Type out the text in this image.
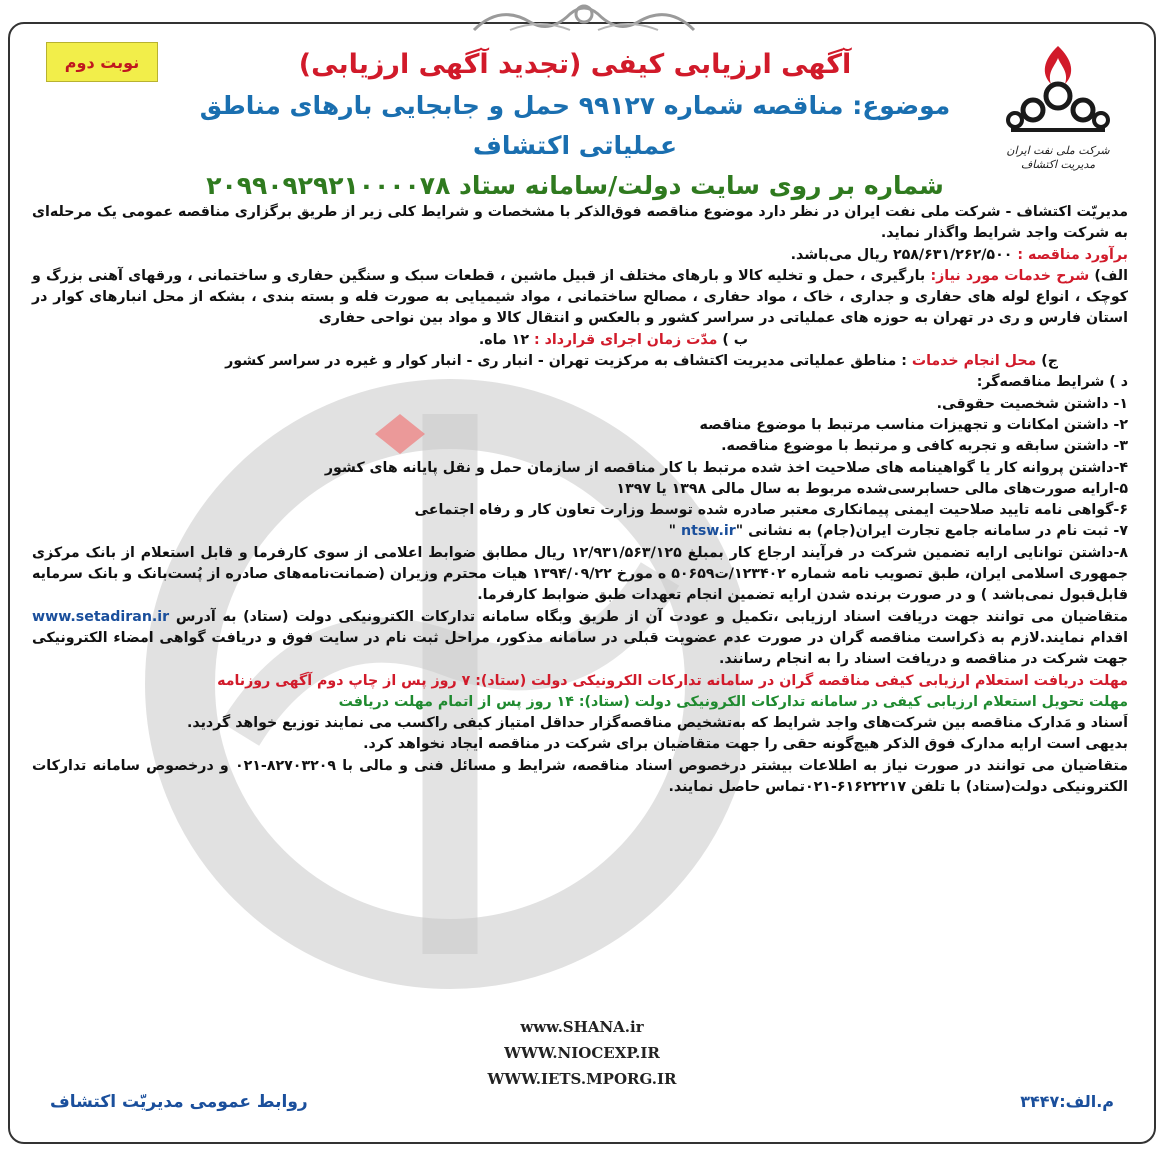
نوبت دوم
شرکت ملی نفت ایران
مدیریت اکتشاف
آگهی ارزیابی کیفی (تجدید آگهی ارزیابی)
موضوع: مناقصه شماره ۹۹۱۲۷ حمل و جابجایی بارهای مناطق عملیاتی اکتشاف
شماره بر روی سایت دولت/سامانه ستاد ۲۰۹۹۰۹۲۹۲۱۰۰۰۰۷۸

مدیریّت اکتشاف - شرکت ملی نفت ایران در نظر دارد موضوع مناقصه فوق‌الذکر با مشخصات و شرایط کلی زیر از طریق برگزاری مناقصه عمومی یک مرحله‌ای به شرکت واجد شرایط واگذار نماید.

برآورد مناقصه : ۲۵۸/۶۳۱/۲۶۲/۵۰۰ ریال می‌باشد.

الف) شرح خدمات مورد نیاز: بارگیری ، حمل و تخلیه کالا و بارهای مختلف از قبیل ماشین ، قطعات سبک و سنگین حفاری و ساختمانی ، ورقهای آهنی بزرگ و کوچک ، انواع لوله های حفاری و جداری ، خاک ، مواد حفاری ، مصالح ساختمانی ، مواد شیمیایی به صورت فله و بسته بندی ، بشکه از محل انبارهای کوار در استان فارس و ری در تهران به حوزه های عملیاتی در سراسر کشور و بالعکس و انتقال کالا و مواد بین نواحی حفاری

ب ) مدّت زمان اجرای قرارداد : ۱۲ ماه.

ج) محل انجام خدمات : مناطق عملیاتی مدیریت اکتشاف به مرکزیت تهران - انبار ری - انبار کوار و غیره در سراسر کشور

د ) شرایط مناقصه‌گر:

۱- داشتن شخصیت حقوقی.

۲- داشتن امکانات و تجهیزات مناسب مرتبط با موضوع مناقصه

۳- داشتن سابقه و تجربه کافی و مرتبط با موضوع مناقصه.

۴-داشتن پروانه کار یا گواهینامه های صلاحیت اخذ شده مرتبط با کار مناقصه از سازمان حمل و نقل پایانه های کشور

۵-ارایه صورت‌های مالی حسابرسی‌شده مربوط به سال مالی ۱۳۹۸ یا ۱۳۹۷

۶-گواهی نامه تایید صلاحیت ایمنی پیمانکاری معتبر صادره شده توسط وزارت تعاون کار و رفاه اجتماعی

۷- ثبت نام در سامانه جامع تجارت ایران(جام) به نشانی "ntsw.ir "

۸-داشتن توانایی ارایه تضمین شرکت در فرآیند ارجاع کار بمبلغ ۱۲/۹۳۱/۵۶۳/۱۲۵ ریال مطابق ضوابط اعلامی از سوی کارفرما و قابل استعلام از بانک مرکزی جمهوری اسلامی ایران، طبق تصویب نامه شماره ۱۲۳۴۰۲/ت۵۰۶۵۹ ه مورخ ۱۳۹۴/۰۹/۲۲ هیات محترم وزیران (ضمانت‌نامه‌های صادره از پُست‌بانک و بانک سرمایه قابل‌قبول نمی‌باشد ) و در صورت برنده شدن ارایه تضمین انجام تعهدات طبق ضوابط کارفرما.

متقاضیان می توانند جهت دریافت اسناد ارزیابی ،تکمیل و عودت آن از طریق وبگاه سامانه تدارکات الکترونیکی دولت (ستاد) به آدرس www.setadiran.ir اقدام نمایند.لازم به ذکراست مناقصه گران در صورت عدم عضویت قبلی در سامانه مذکور، مراحل ثبت نام در سایت فوق و دریافت گواهی امضاء الکترونیکی جهت شرکت در مناقصه و دریافت اسناد را به انجام رسانند.

مهلت دریافت استعلام ارزیابی کیفی مناقصه گران در سامانه تدارکات الکرونیکی دولت (ستاد): ۷ روز پس از چاپ دوم آگهی روزنامه

مهلت تحویل استعلام ارزیابی کیفی در سامانه تدارکات الکرونیکی دولت (ستاد): ۱۴ روز پس از اتمام مهلت دریافت

اَسناد و مَدارک مناقصه بین شرکت‌های واجد شرایط که به‌تشخیص مناقصه‌گزار حداقل امتیاز کیفی راکسب می نمایند توزیع خواهد گردید.

بدیهی است ارایه مدارک فوق الذکر هیچ‌گونه حقی را جهت متقاضیان برای شرکت در مناقصه ایجاد نخواهد کرد.

متقاضیان می توانند در صورت نیاز به اطلاعات بیشتر درخصوص اسناد مناقصه، شرایط و مسائل فنی و مالی با ۸۲۷۰۳۲۰۹-۰۲۱ و درخصوص سامانه تدارکات الکترونیکی دولت(ستاد) با تلفن ۶۱۶۲۲۲۱۷-۰۲۱تماس حاصل نمایند.

www.SHANA.ir
WWW.NIOCEXP.IR
WWW.IETS.MPORG.IR
روابط عمومی مدیریّت اکتشاف	م.الف:۳۴۴۷
